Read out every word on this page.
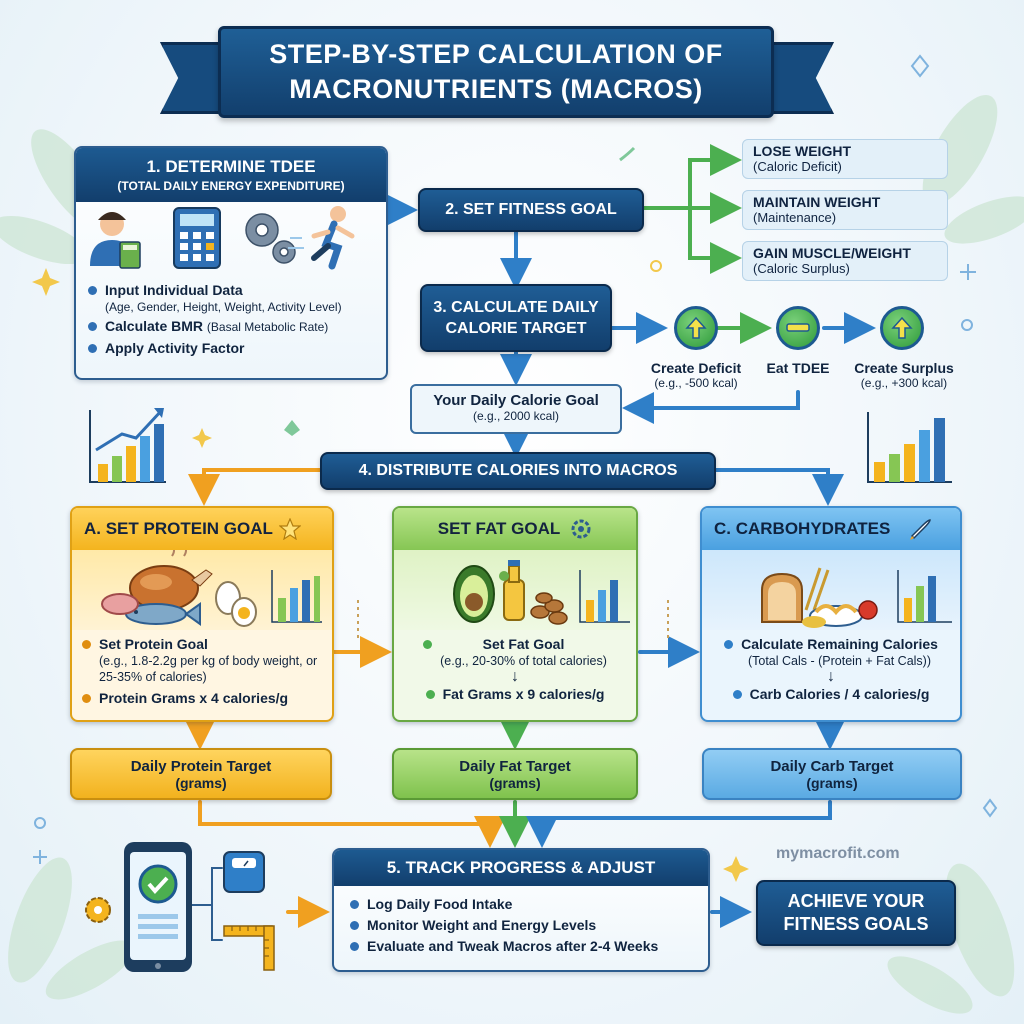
STEP-BY-STEP CALCULATION OF
MACRONUTRIENTS (MACROS)
1. DETERMINE TDEE
(TOTAL DAILY ENERGY EXPENDITURE)
Input Individual Data
(Age, Gender, Height, Weight, Activity Level)
Calculate BMR (Basal Metabolic Rate)
Apply Activity Factor
2. SET FITNESS GOAL
LOSE WEIGHT
(Caloric Deficit)
MAINTAIN WEIGHT
(Maintenance)
GAIN MUSCLE/WEIGHT
(Caloric Surplus)
3. CALCULATE DAILY
CALORIE TARGET
Create Deficit
(e.g., -500 kcal)
Eat TDEE	Create Surplus
(e.g., +300 kcal)
Your Daily Calorie Goal
(e.g., 2000 kcal)
4. DISTRIBUTE CALORIES INTO MACROS
A. SET PROTEIN GOAL
Set Protein Goal
(e.g., 1.8-2.2g per kg of body weight, or 25-35% of calories)
Protein Grams x 4 calories/g
SET FAT GOAL
Set Fat Goal
(e.g., 20-30% of total calories)
↓
Fat Grams x 9 calories/g
C. CARBOHYDRATES
Calculate Remaining Calories
(Total Cals - (Protein + Fat Cals))
↓
Carb Calories / 4 calories/g
Daily Protein Target
(grams)
Daily Fat Target
(grams)
Daily Carb Target
(grams)
5. TRACK PROGRESS & ADJUST
Log Daily Food Intake
Monitor Weight and Energy Levels
Evaluate and Tweak Macros after 2-4 Weeks
mymacrofit.com
ACHIEVE YOUR
FITNESS GOALS
